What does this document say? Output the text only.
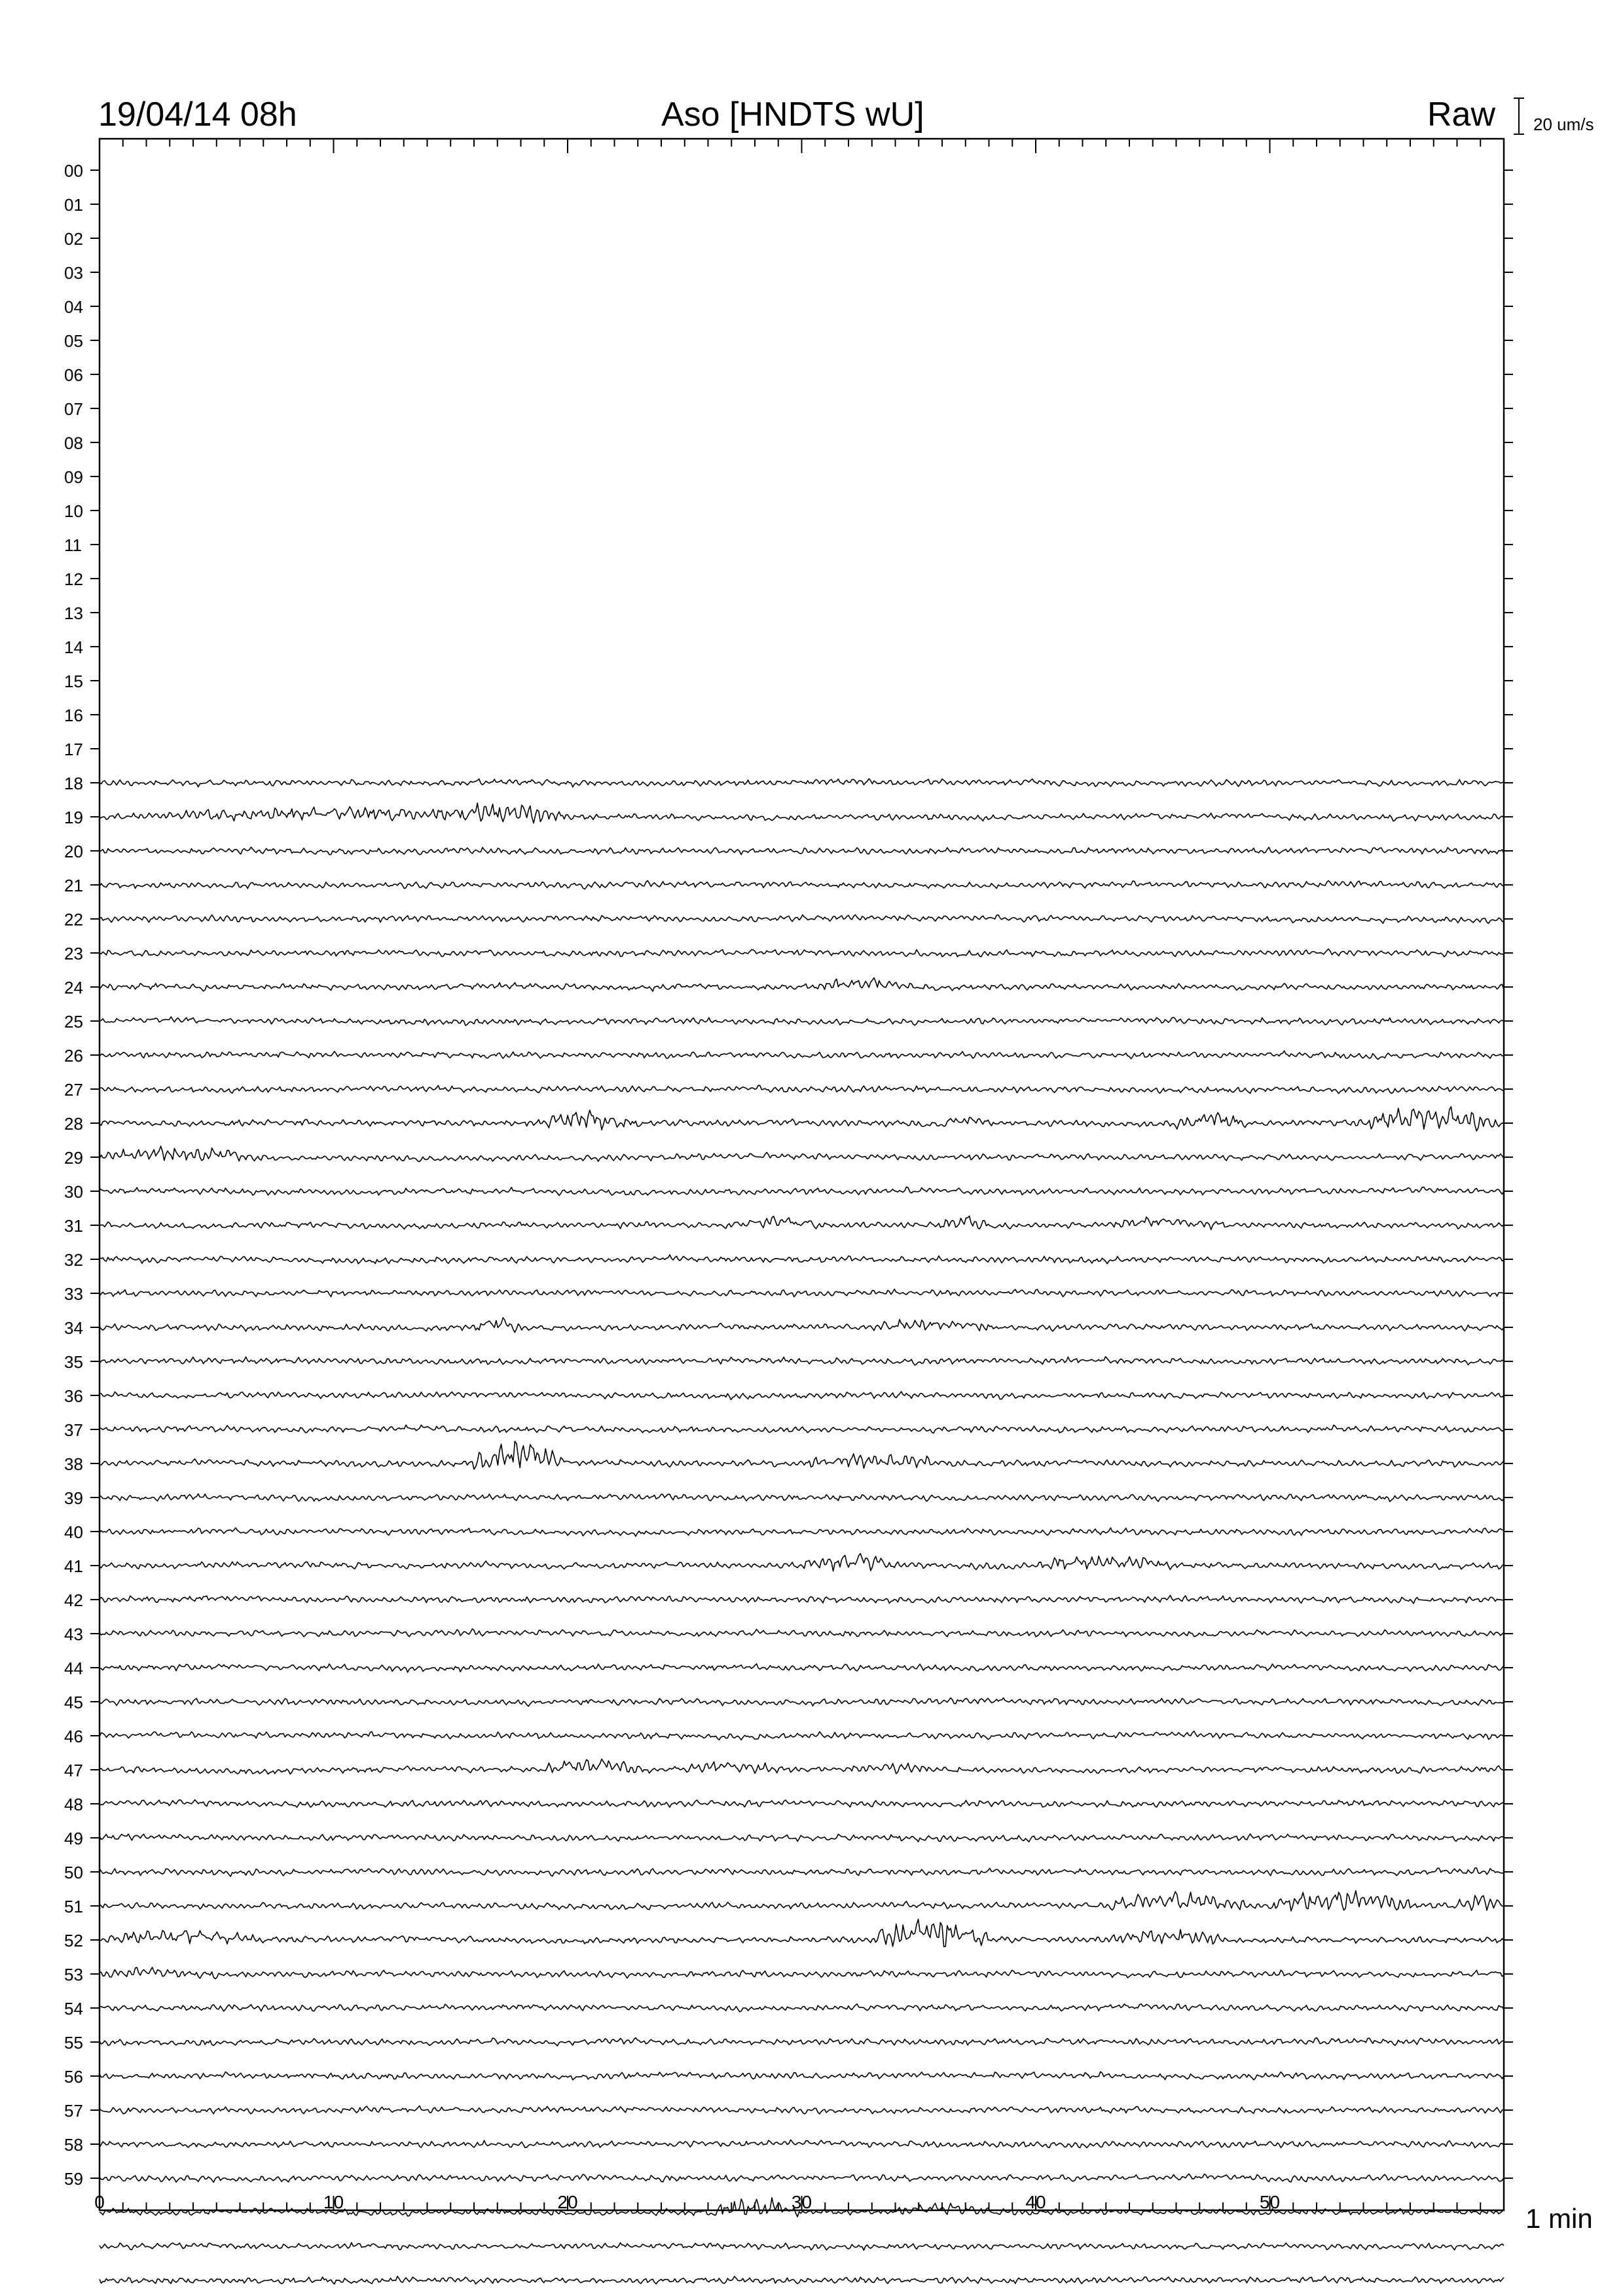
0	10	20	30	40	50
00
01
02
03
04
05
06
07
08
09
10
11
12
13
14
15
16
17
18
19
20
21
22
23
24
25
26
27
28
29
30
31
32
33
34
35
36
37
38
39
40
41
42
43
44
45
46
47
48
49
50
51
52
53
54
55
56
57
58
59
19/04/14 08h	Aso [HNDTS wU]	Raw 20 um/s
1 min
